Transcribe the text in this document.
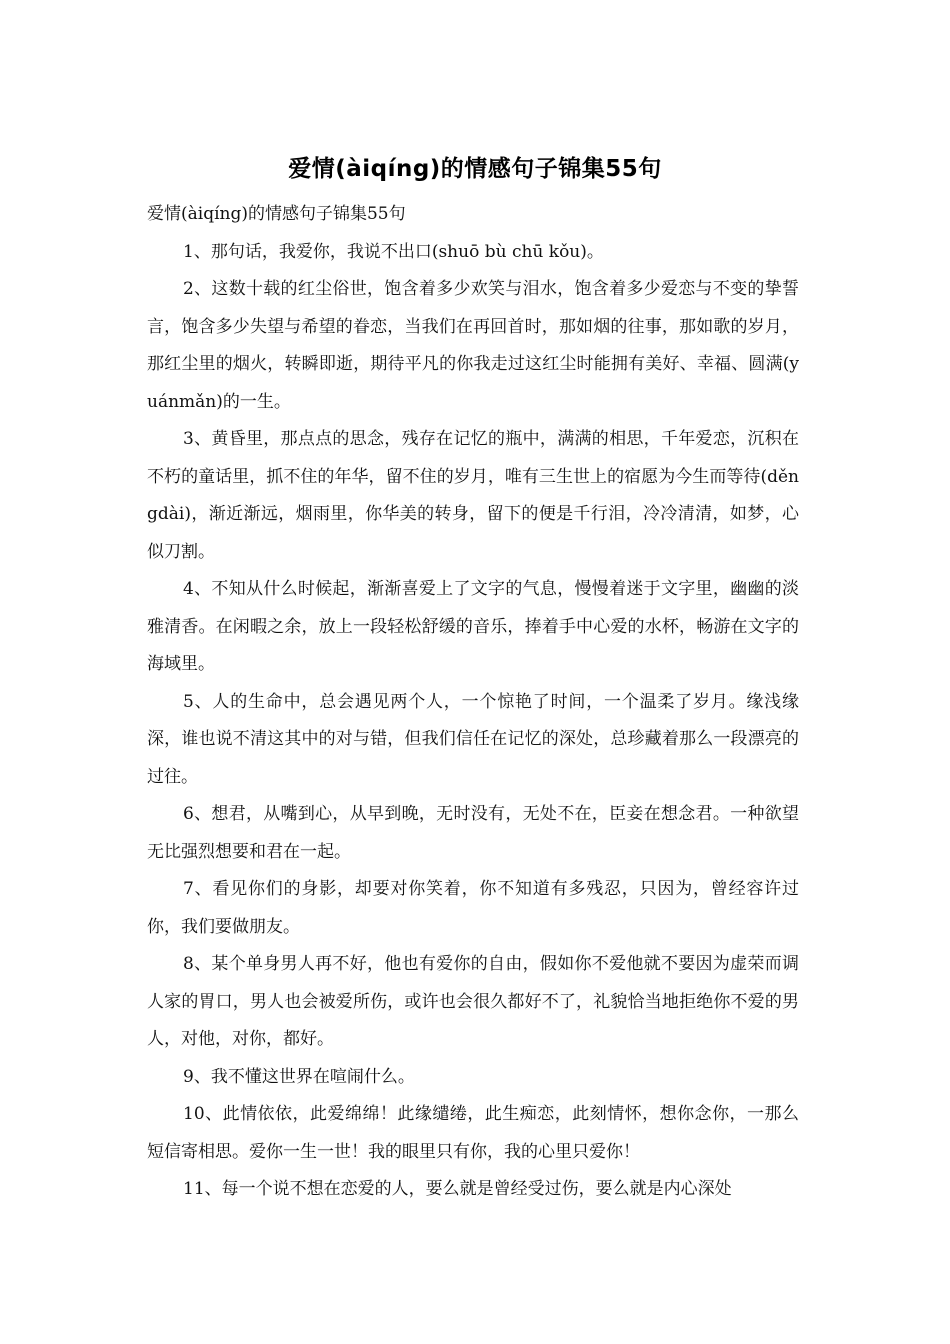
爱情(àiqíng)的情感句子锦集55句

爱情(àiqíng)的情感句子锦集55句

1、那句话，我爱你，我说不出口(shuō bù chū kǒu)。

2、这数十载的红尘俗世，饱含着多少欢笑与泪水，饱含着多少爱恋与不变的挚誓言，饱含多少失望与希望的眷恋，当我们在再回首时，那如烟的往事，那如歌的岁月，那红尘里的烟火，转瞬即逝，期待平凡的你我走过这红尘时能拥有美好、幸福、圆满(yuánmǎn)的一生。

3、黄昏里，那点点的思念，残存在记忆的瓶中，满满的相思，千年爱恋，沉积在不朽的童话里，抓不住的年华，留不住的岁月，唯有三生世上的宿愿为今生而等待(děngdài)，渐近渐远，烟雨里，你华美的转身，留下的便是千行泪，冷冷清清，如梦，心似刀割。

4、不知从什么时候起，渐渐喜爱上了文字的气息，慢慢着迷于文字里，幽幽的淡雅清香。在闲暇之余，放上一段轻松舒缓的音乐，捧着手中心爱的水杯，畅游在文字的海域里。

5、人的生命中，总会遇见两个人，一个惊艳了时间，一个温柔了岁月。缘浅缘深，谁也说不清这其中的对与错，但我们信任在记忆的深处，总珍藏着那么一段漂亮的过往。

6、想君，从嘴到心，从早到晚，无时没有，无处不在，臣妾在想念君。一种欲望无比强烈想要和君在一起。

7、看见你们的身影，却要对你笑着，你不知道有多残忍，只因为，曾经容许过你，我们要做朋友。

8、某个单身男人再不好，他也有爱你的自由，假如你不爱他就不要因为虚荣而调人家的胃口，男人也会被爱所伤，或许也会很久都好不了，礼貌恰当地拒绝你不爱的男人，对他，对你，都好。

9、我不懂这世界在喧闹什么。

10、此情依依，此爱绵绵！此缘缱绻，此生痴恋，此刻情怀，想你念你，一那么短信寄相思。爱你一生一世！我的眼里只有你，我的心里只爱你！

11、每一个说不想在恋爱的人，要么就是曾经受过伤，要么就是内心深处
